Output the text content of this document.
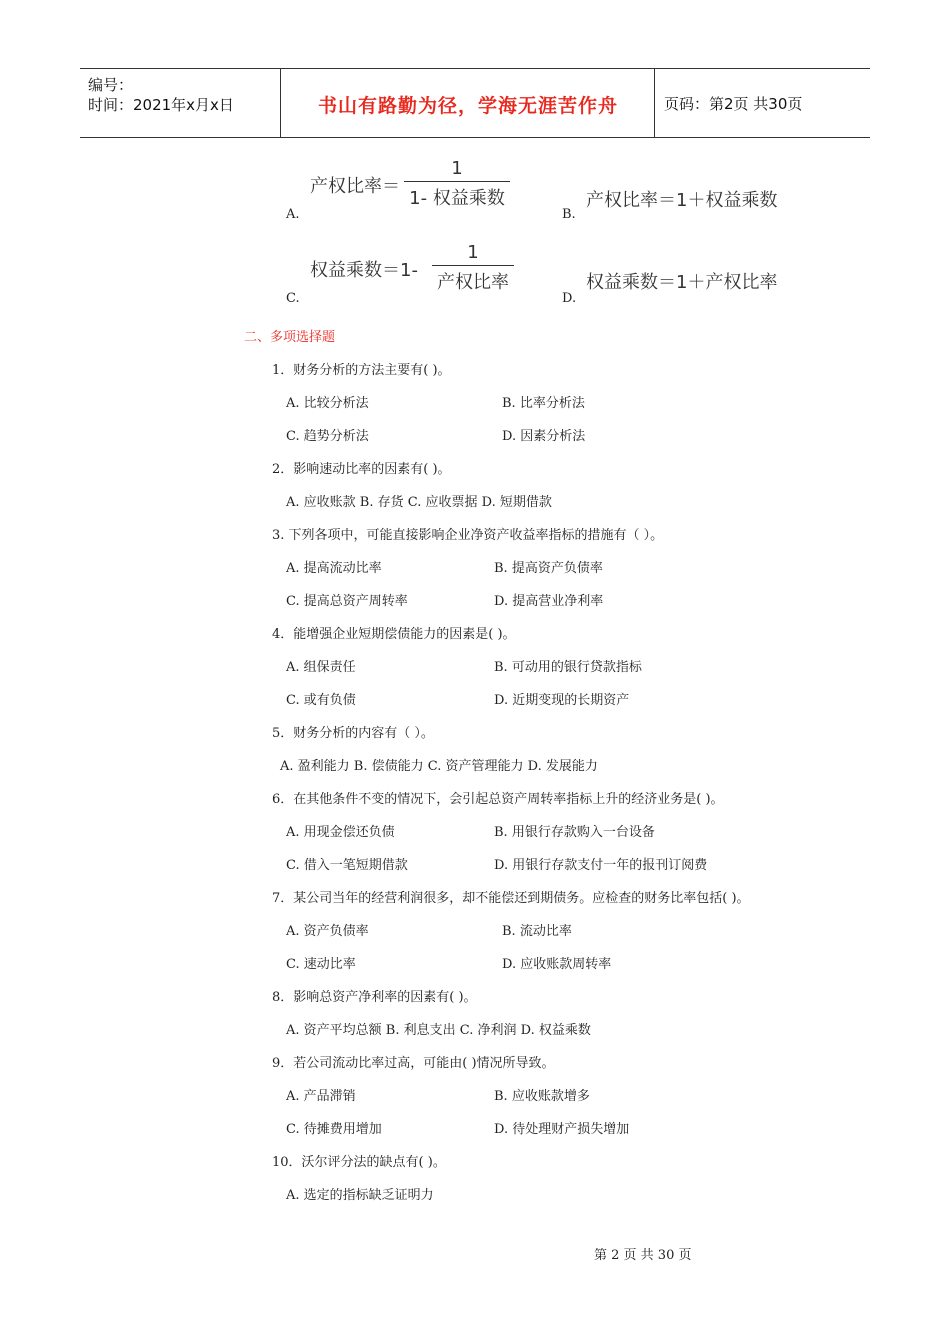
编号：
时间：2021年x月x日	书山有路勤为径，学海无涯苦作舟	页码：第2页 共30页
产权比率＝
1
1- 权益乘数
A.
产权比率＝1＋权益乘数
B.
权益乘数＝1-
1
产权比率
C.
权益乘数＝1＋产权比率
D.
二、多项选择题
1．财务分析的方法主要有( )。
A. 比较分析法	B. 比率分析法
C. 趋势分析法	D. 因素分析法
2．影响速动比率的因素有( )。
A. 应收账款 B. 存货 C. 应收票据 D. 短期借款
3. 下列各项中，可能直接影响企业净资产收益率指标的措施有（ ）。
A. 提高流动比率	B. 提高资产负债率
C. 提高总资产周转率	D. 提高营业净利率
4．能增强企业短期偿债能力的因素是( )。
A. 组保责任	B. 可动用的银行贷款指标
C. 或有负债	D. 近期变现的长期资产
5．财务分析的内容有（ ）。
A. 盈利能力 B. 偿债能力 C. 资产管理能力 D. 发展能力
6．在其他条件不变的情况下，会引起总资产周转率指标上升的经济业务是( )。
A. 用现金偿还负债	B. 用银行存款购入一台设备
C. 借入一笔短期借款	D. 用银行存款支付一年的报刊订阅费
7．某公司当年的经营利润很多，却不能偿还到期债务。应检查的财务比率包括( )。
A. 资产负债率	B. 流动比率
C. 速动比率	D. 应收账款周转率
8．影响总资产净利率的因素有( )。
A. 资产平均总额 B. 利息支出 C. 净利润 D. 权益乘数
9．若公司流动比率过高，可能由( )情况所导致。
A. 产品滞销	B. 应收账款增多
C. 待摊费用增加	D. 待处理财产损失增加
10．沃尔评分法的缺点有( )。
A. 选定的指标缺乏证明力
第 2 页 共 30 页
